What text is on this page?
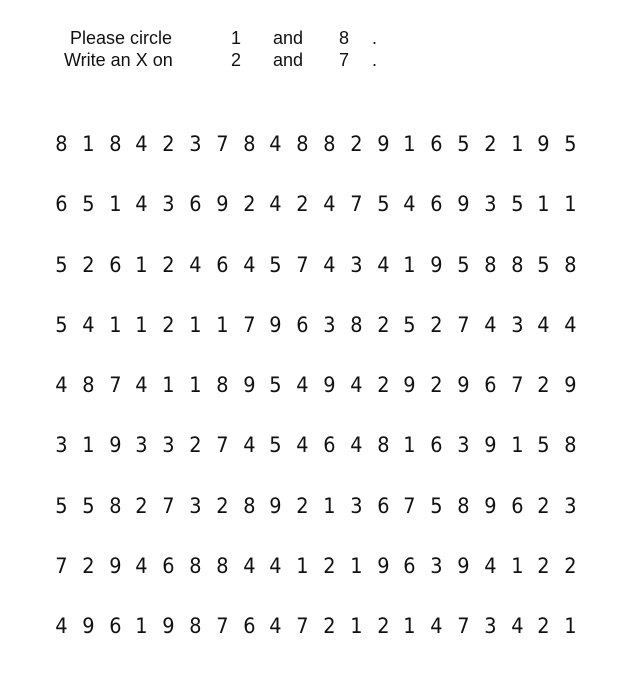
Please circle	1 and 8 .
Write an X on	2 and 7 .
8 1 8 4 2 3 7 8 4 8 8 2 9 1 6 5 2 1 9 5
6 5 1 4 3 6 9 2 4 2 4 7 5 4 6 9 3 5 1 1
5 2 6 1 2 4 6 4 5 7 4 3 4 1 9 5 8 8 5 8
5 4 1 1 2 1 1 7 9 6 3 8 2 5 2 7 4 3 4 4
4 8 7 4 1 1 8 9 5 4 9 4 2 9 2 9 6 7 2 9
3 1 9 3 3 2 7 4 5 4 6 4 8 1 6 3 9 1 5 8
5 5 8 2 7 3 2 8 9 2 1 3 6 7 5 8 9 6 2 3
7 2 9 4 6 8 8 4 4 1 2 1 9 6 3 9 4 1 2 2
4 9 6 1 9 8 7 6 4 7 2 1 2 1 4 7 3 4 2 1
